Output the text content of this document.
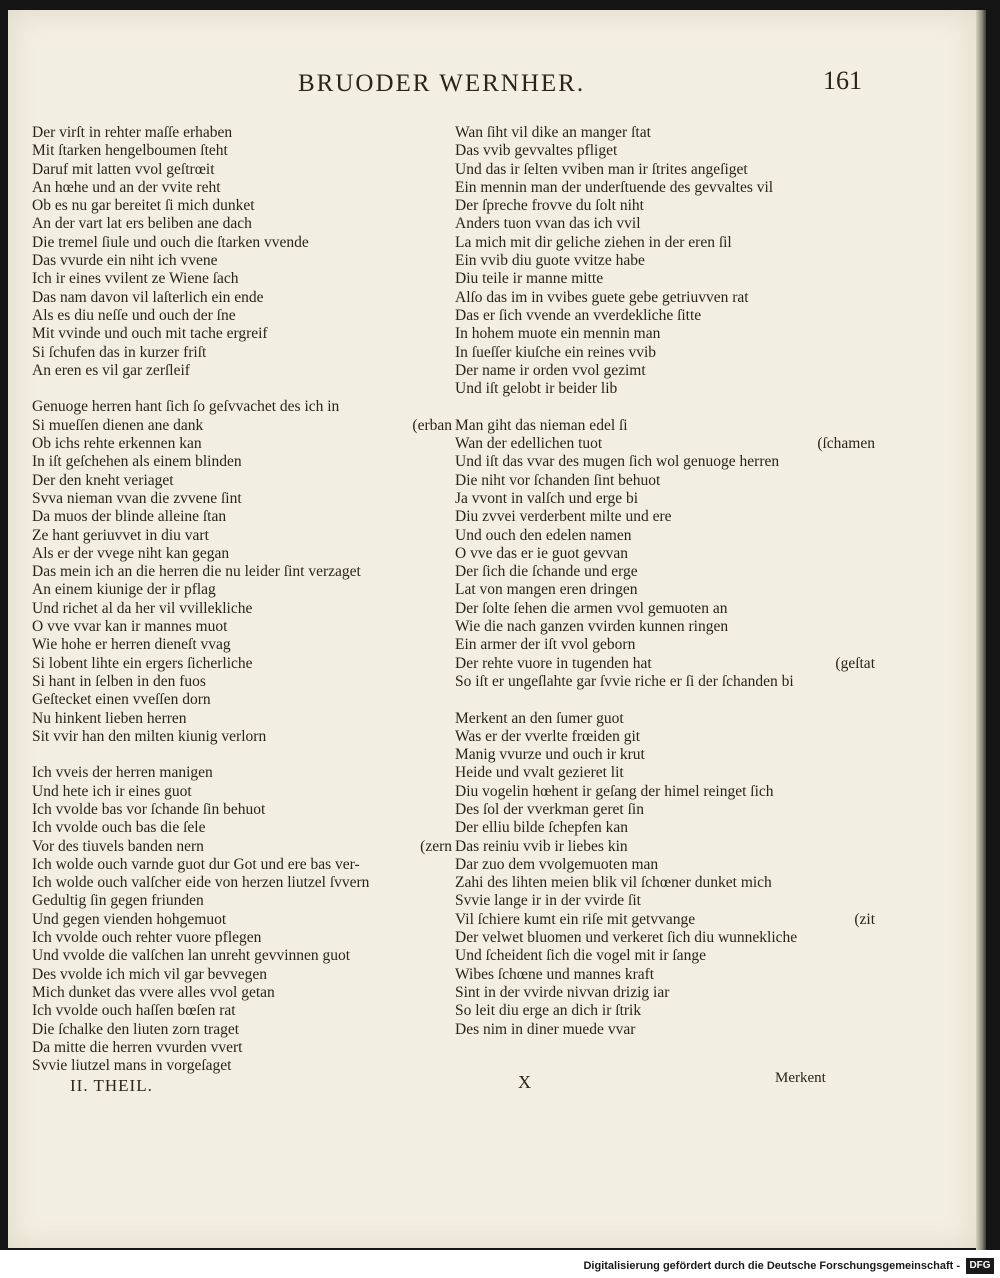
BRUODER WERNHER.	161
Der virſt in rehter maſſe erhaben
Mit ſtarken hengelboumen ſteht
Daruf mit latten vvol geſtrœit
An hœhe und an der vvite reht
Ob es nu gar bereitet ſi mich dunket
An der vart lat ers beliben ane dach
Die tremel ſiule und ouch die ſtarken vvende
Das vvurde ein niht ich vvene
Ich ir eines vvilent ze Wiene ſach
Das nam davon vil laſterlich ein ende
Als es diu neſſe und ouch der ſne
Mit vvinde und ouch mit tache ergreif
Si ſchufen das in kurzer friſt
An eren es vil gar zerſleif
Genuoge herren hant ſich ſo geſvvachet des ich in
Si mueſſen dienen ane dank	(erban
Ob ichs rehte erkennen kan
In iſt geſchehen als einem blinden
Der den kneht veriaget
Svva nieman vvan die zvvene ſint
Da muos der blinde alleine ſtan
Ze hant geriuvvet in diu vart
Als er der vvege niht kan gegan
Das mein ich an die herren die nu leider ſint verzaget
An einem kiunige der ir pflag
Und richet al da her vil vvillekliche
O vve vvar kan ir mannes muot
Wie hohe er herren dieneſt vvag
Si lobent lihte ein ergers ſicherliche
Si hant in ſelben in den fuos
Geſtecket einen vveſſen dorn
Nu hinkent lieben herren
Sit vvir han den milten kiunig verlorn
Ich vveis der herren manigen
Und hete ich ir eines guot
Ich vvolde bas vor ſchande ſin behuot
Ich vvolde ouch bas die ſele
Vor des tiuvels banden nern	(zern
Ich wolde ouch varnde guot dur Got und ere bas ver-
Ich wolde ouch valſcher eide von herzen liutzel ſvvern
Gedultig ſin gegen friunden
Und gegen vienden hohgemuot
Ich vvolde ouch rehter vuore pflegen
Und vvolde die valſchen lan unreht gevvinnen guot
Des vvolde ich mich vil gar bevvegen
Mich dunket das vvere alles vvol getan
Ich vvolde ouch haſſen bœſen rat
Die ſchalke den liuten zorn traget
Da mitte die herren vvurden vvert
Svvie liutzel mans in vorgeſaget
Wan ſiht vil dike an manger ſtat
Das vvib gevvaltes pfliget
Und das ir ſelten vviben man ir ſtrites angeſiget
Ein mennin man der underſtuende des gevvaltes vil
Der ſpreche frovve du ſolt niht
Anders tuon vvan das ich vvil
La mich mit dir geliche ziehen in der eren ſil
Ein vvib diu guote vvitze habe
Diu teile ir manne mitte
Alſo das im in vvibes guete gebe getriuvven rat
Das er ſich vvende an vverdekliche ſitte
In hohem muote ein mennin man
In ſueſſer kiuſche ein reines vvib
Der name ir orden vvol gezimt
Und iſt gelobt ir beider lib
Man giht das nieman edel ſi
Wan der edellichen tuot	(ſchamen
Und iſt das vvar des mugen ſich wol genuoge herren
Die niht vor ſchanden ſint behuot
Ja vvont in valſch und erge bi
Diu zvvei verderbent milte und ere
Und ouch den edelen namen
O vve das er ie guot gevvan
Der ſich die ſchande und erge
Lat von mangen eren dringen
Der ſolte ſehen die armen vvol gemuoten an
Wie die nach ganzen vvirden kunnen ringen
Ein armer der iſt vvol geborn
Der rehte vuore in tugenden hat	(geſtat
So iſt er ungeſlahte gar ſvvie riche er ſi der ſchanden bi
Merkent an den ſumer guot
Was er der vverlte frœiden git
Manig vvurze und ouch ir krut
Heide und vvalt gezieret lit
Diu vogelin hœhent ir geſang der himel reinget ſich
Des ſol der vverkman geret ſin
Der elliu bilde ſchepfen kan
Das reiniu vvib ir liebes kin
Dar zuo dem vvolgemuoten man
Zahi des lihten meien blik vil ſchœner dunket mich
Svvie lange ir in der vvirde ſit
Vil ſchiere kumt ein riſe mit getvvange	(zit
Der velwet bluomen und verkeret ſich diu wunnekliche
Und ſcheident ſich die vogel mit ir ſange
Wibes ſchœne und mannes kraft
Sint in der vvirde nivvan drizig iar
So leit diu erge an dich ir ſtrik
Des nim in diner muede vvar
II. THEIL.	X	Merkent
Digitalisierung gefördert durch die Deutsche Forschungsgemeinschaft - DFG
